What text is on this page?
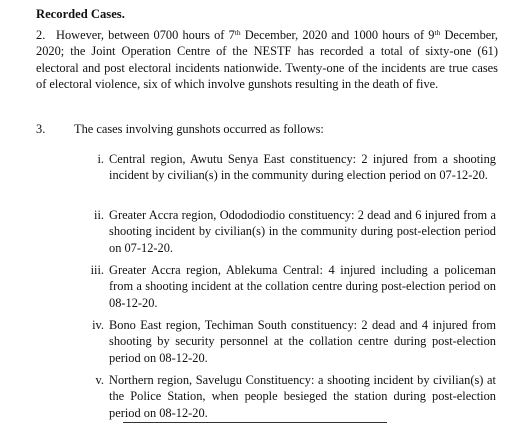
Recorded Cases.
2. However, between 0700 hours of 7th December, 2020 and 1000 hours of 9th December, 2020; the Joint Operation Centre of the NESTF has recorded a total of sixty-one (61) electoral and post electoral incidents nationwide. Twenty-one of the incidents are true cases of electoral violence, six of which involve gunshots resulting in the death of five.
3. The cases involving gunshots occurred as follows:
i. Central region, Awutu Senya East constituency: 2 injured from a shooting incident by civilian(s) in the community during election period on 07-12-20.
ii. Greater Accra region, Odododiodio constituency: 2 dead and 6 injured from a shooting incident by civilian(s) in the community during post-election period on 07-12-20.
iii. Greater Accra region, Ablekuma Central: 4 injured including a policeman from a shooting incident at the collation centre during post-election period on 08-12-20.
iv. Bono East region, Techiman South constituency: 2 dead and 4 injured from shooting by security personnel at the collation centre during post-election period on 08-12-20.
v. Northern region, Savelugu Constituency: a shooting incident by civilian(s) at the Police Station, when people besieged the station during post-election period on 08-12-20.
